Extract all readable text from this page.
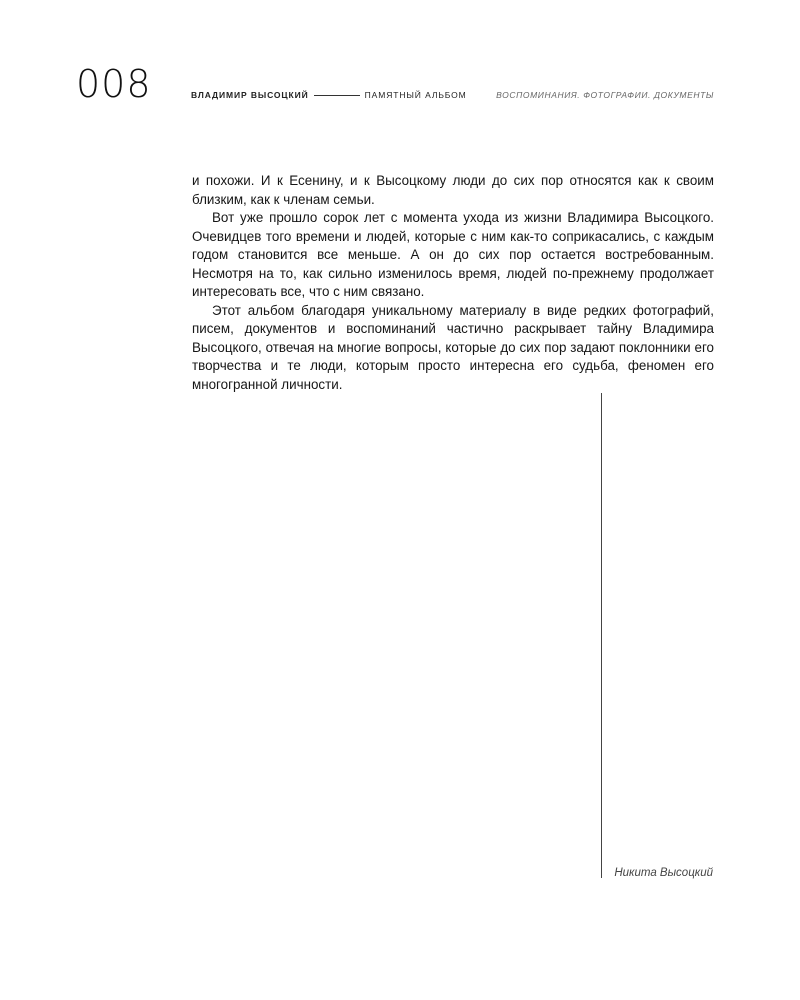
008	ВЛАДИМИР ВЫСОЦКИЙ	ПАМЯТНЫЙ АЛЬБОМ	ВОСПОМИНАНИЯ. ФОТОГРАФИИ. ДОКУМЕНТЫ

и похожи. И к Есенину, и к Высоцкому люди до сих пор относятся как к своим близким, как к членам семьи.

Вот уже прошло сорок лет с момента ухода из жизни Владимира Высоцкого. Очевидцев того времени и людей, которые с ним как-то соприкасались, с каждым годом становится все меньше. А он до сих пор остается востребованным. Несмотря на то, как сильно изменилось время, людей по-прежнему продолжает интересовать все, что с ним связано.

Этот альбом благодаря уникальному материалу в виде редких фотографий, писем, документов и воспоминаний частично раскрывает тайну Владимира Высоцкого, отвечая на многие вопросы, которые до сих пор задают поклонники его творчества и те люди, которым просто интересна его судьба, феномен его многогранной личности.

Никита Высоцкий
